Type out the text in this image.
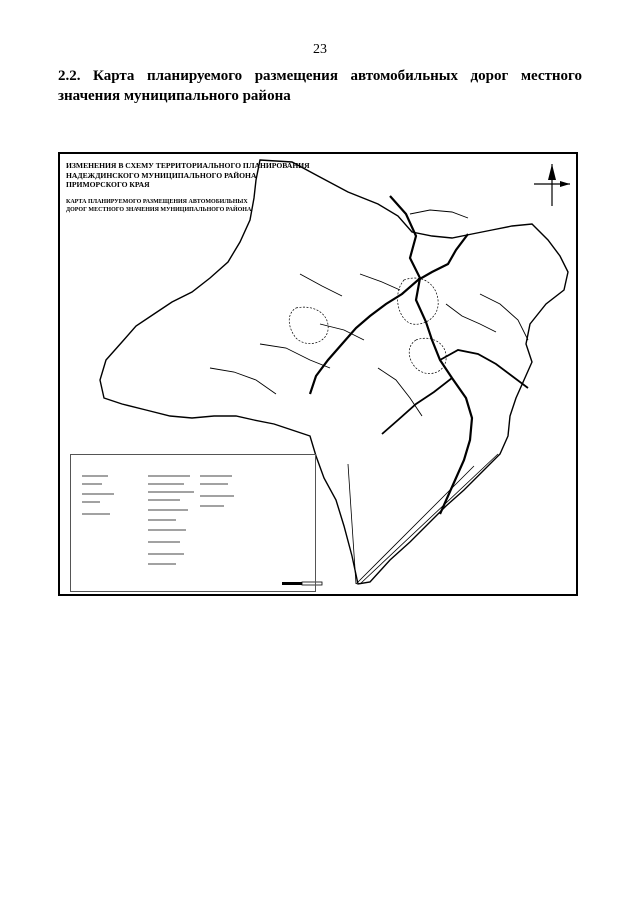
23

2.2. Карта планируемого размещения автомобильных дорог местного значения муниципального района

ИЗМЕНЕНИЯ В СХЕМУ ТЕРРИТОРИАЛЬНОГО ПЛАНИРОВАНИЯ
НАДЕЖДИНСКОГО МУНИЦИПАЛЬНОГО РАЙОНА
ПРИМОРСКОГО КРАЯ
КАРТА ПЛАНИРУЕМОГО РАЗМЕЩЕНИЯ АВТОМОБИЛЬНЫХ
ДОРОГ МЕСТНОГО ЗНАЧЕНИЯ МУНИЦИПАЛЬНОГО РАЙОНА
